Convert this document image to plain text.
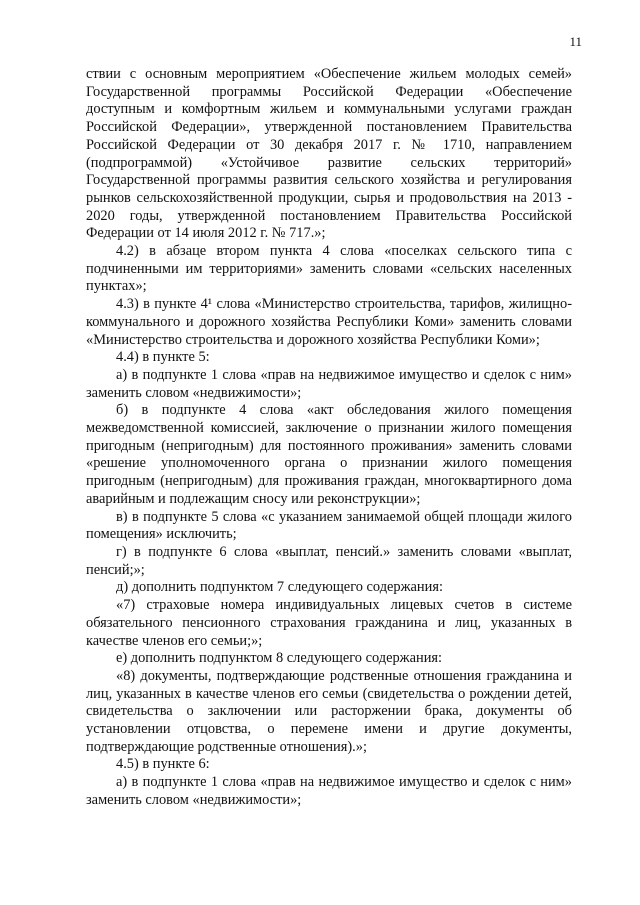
11

ствии с основным мероприятием «Обеспечение жильем молодых семей» Государственной программы Российской Федерации «Обеспечение доступным и комфортным жильем и коммунальными услугами граждан Российской Федерации», утвержденной постановлением Правительства Российской Федерации от 30 декабря 2017 г. № 1710, направлением (подпрограммой) «Устойчивое развитие сельских территорий» Государственной программы развития сельского хозяйства и регулирования рынков сельскохозяйственной продукции, сырья и продовольствия на 2013 - 2020 годы, утвержденной постановлением Правительства Российской Федерации от 14 июля 2012 г. № 717.»;

4.2) в абзаце втором пункта 4 слова «поселках сельского типа с подчиненными им территориями» заменить словами «сельских населенных пунктах»;

4.3) в пункте 4¹ слова «Министерство строительства, тарифов, жилищно-коммунального и дорожного хозяйства Республики Коми» заменить словами «Министерство строительства и дорожного хозяйства Республики Коми»;

4.4) в пункте 5:

а) в подпункте 1 слова «прав на недвижимое имущество и сделок с ним» заменить словом «недвижимости»;

б) в подпункте 4 слова «акт обследования жилого помещения межведомственной комиссией, заключение о признании жилого помещения пригодным (непригодным) для постоянного проживания» заменить словами «решение уполномоченного органа о признании жилого помещения пригодным (непригодным) для проживания граждан, многоквартирного дома аварийным и подлежащим сносу или реконструкции»;

в) в подпункте 5 слова «с указанием занимаемой общей площади жилого помещения» исключить;

г) в подпункте 6 слова «выплат, пенсий.» заменить словами «выплат, пенсий;»;

д) дополнить подпунктом 7 следующего содержания:

«7) страховые номера индивидуальных лицевых счетов в системе обязательного пенсионного страхования гражданина и лиц, указанных в качестве членов его семьи;»;

е) дополнить подпунктом 8 следующего содержания:

«8) документы, подтверждающие родственные отношения гражданина и лиц, указанных в качестве членов его семьи (свидетельства о рождении детей, свидетельства о заключении или расторжении брака, документы об установлении отцовства, о перемене имени и другие документы, подтверждающие родственные отношения).»;

4.5) в пункте 6:

а) в подпункте 1 слова «прав на недвижимое имущество и сделок с ним» заменить словом «недвижимости»;
